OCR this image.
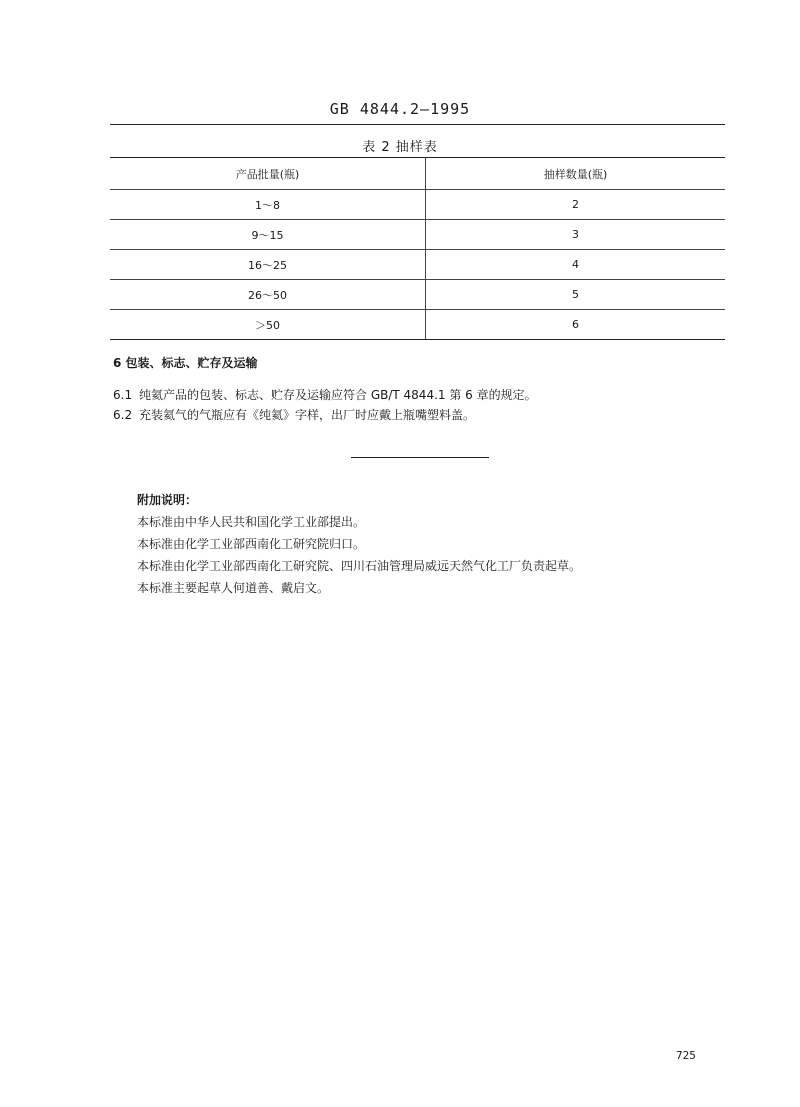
GB 4844.2—1995
表 2 抽样表
产品批量(瓶)	抽样数量(瓶)
1～8	2
9～15	3
16～25	4
26～50	5
＞50	6
6 包装、标志、贮存及运输
6.1 纯氦产品的包装、标志、贮存及运输应符合 GB/T 4844.1 第 6 章的规定。
6.2 充装氦气的气瓶应有《纯氦》字样，出厂时应戴上瓶嘴塑料盖。
附加说明：
本标准由中华人民共和国化学工业部提出。
本标准由化学工业部西南化工研究院归口。
本标准由化学工业部西南化工研究院、四川石油管理局威远天然气化工厂负责起草。
本标准主要起草人何道善、戴启文。
725
